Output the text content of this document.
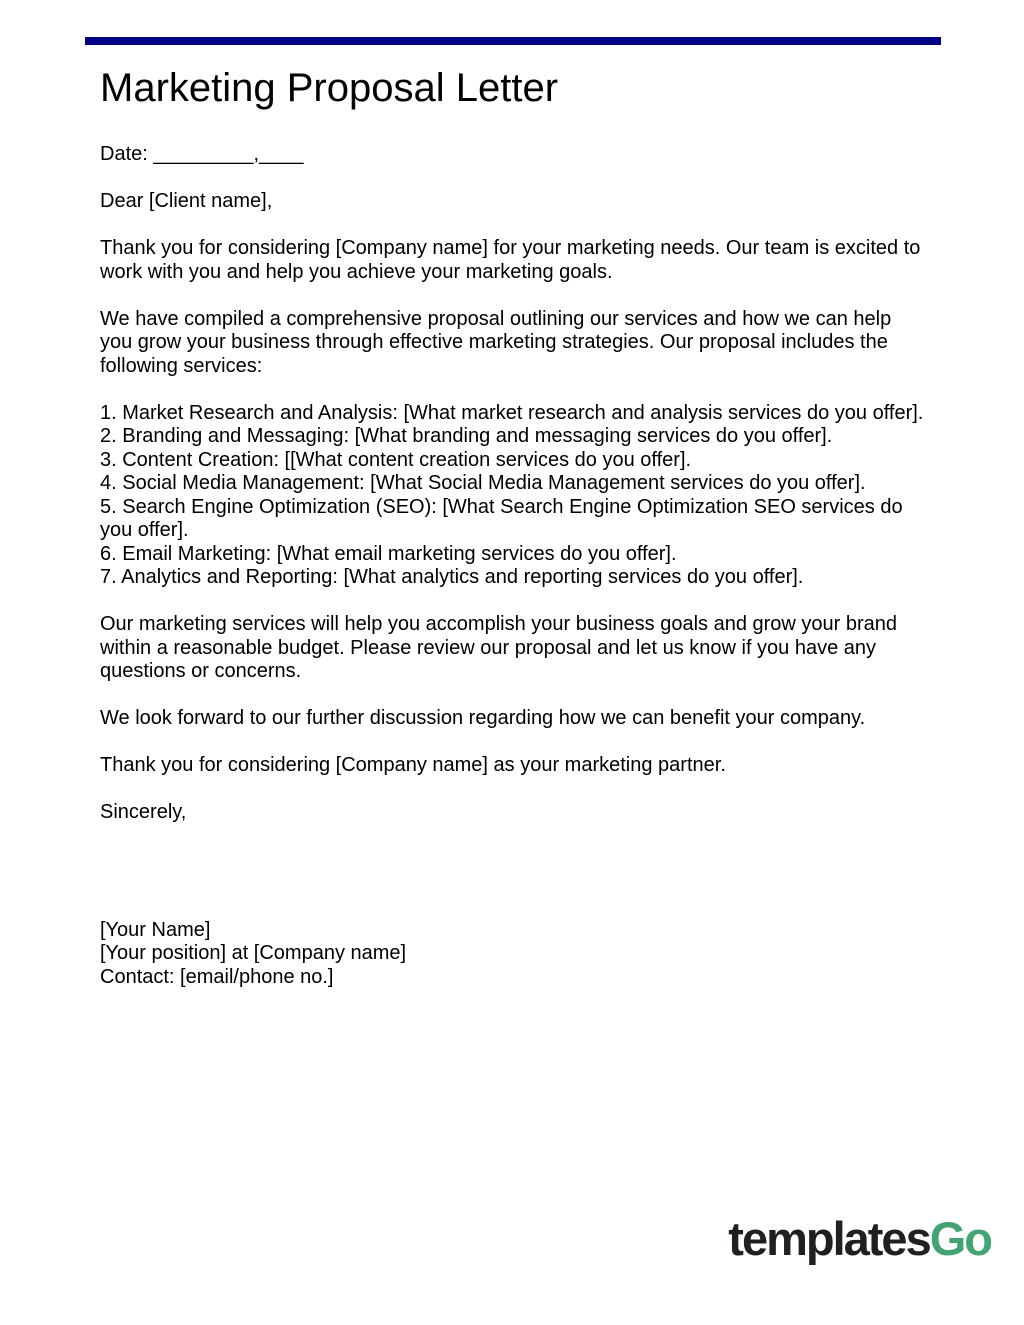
Marketing Proposal Letter

Date: _________,____

Dear [Client name],

Thank you for considering [Company name] for your marketing needs. Our team is excited to work with you and help you achieve your marketing goals.

We have compiled a comprehensive proposal outlining our services and how we can help you grow your business through effective marketing strategies. Our proposal includes the following services:

1. Market Research and Analysis: [What market research and analysis services do you offer].

2. Branding and Messaging: [What branding and messaging services do you offer].

3. Content Creation: [[What content creation services do you offer].

4. Social Media Management: [What Social Media Management services do you offer].

5. Search Engine Optimization (SEO): [What Search Engine Optimization SEO services do you offer].

6. Email Marketing: [What email marketing services do you offer].

7. Analytics and Reporting: [What analytics and reporting services do you offer].

Our marketing services will help you accomplish your business goals and grow your brand within a reasonable budget. Please review our proposal and let us know if you have any questions or concerns.

We look forward to our further discussion regarding how we can benefit your company.

Thank you for considering [Company name] as your marketing partner.

Sincerely,

[Your Name]

[Your position] at [Company name]

Contact: [email/phone no.]

templatesGo
